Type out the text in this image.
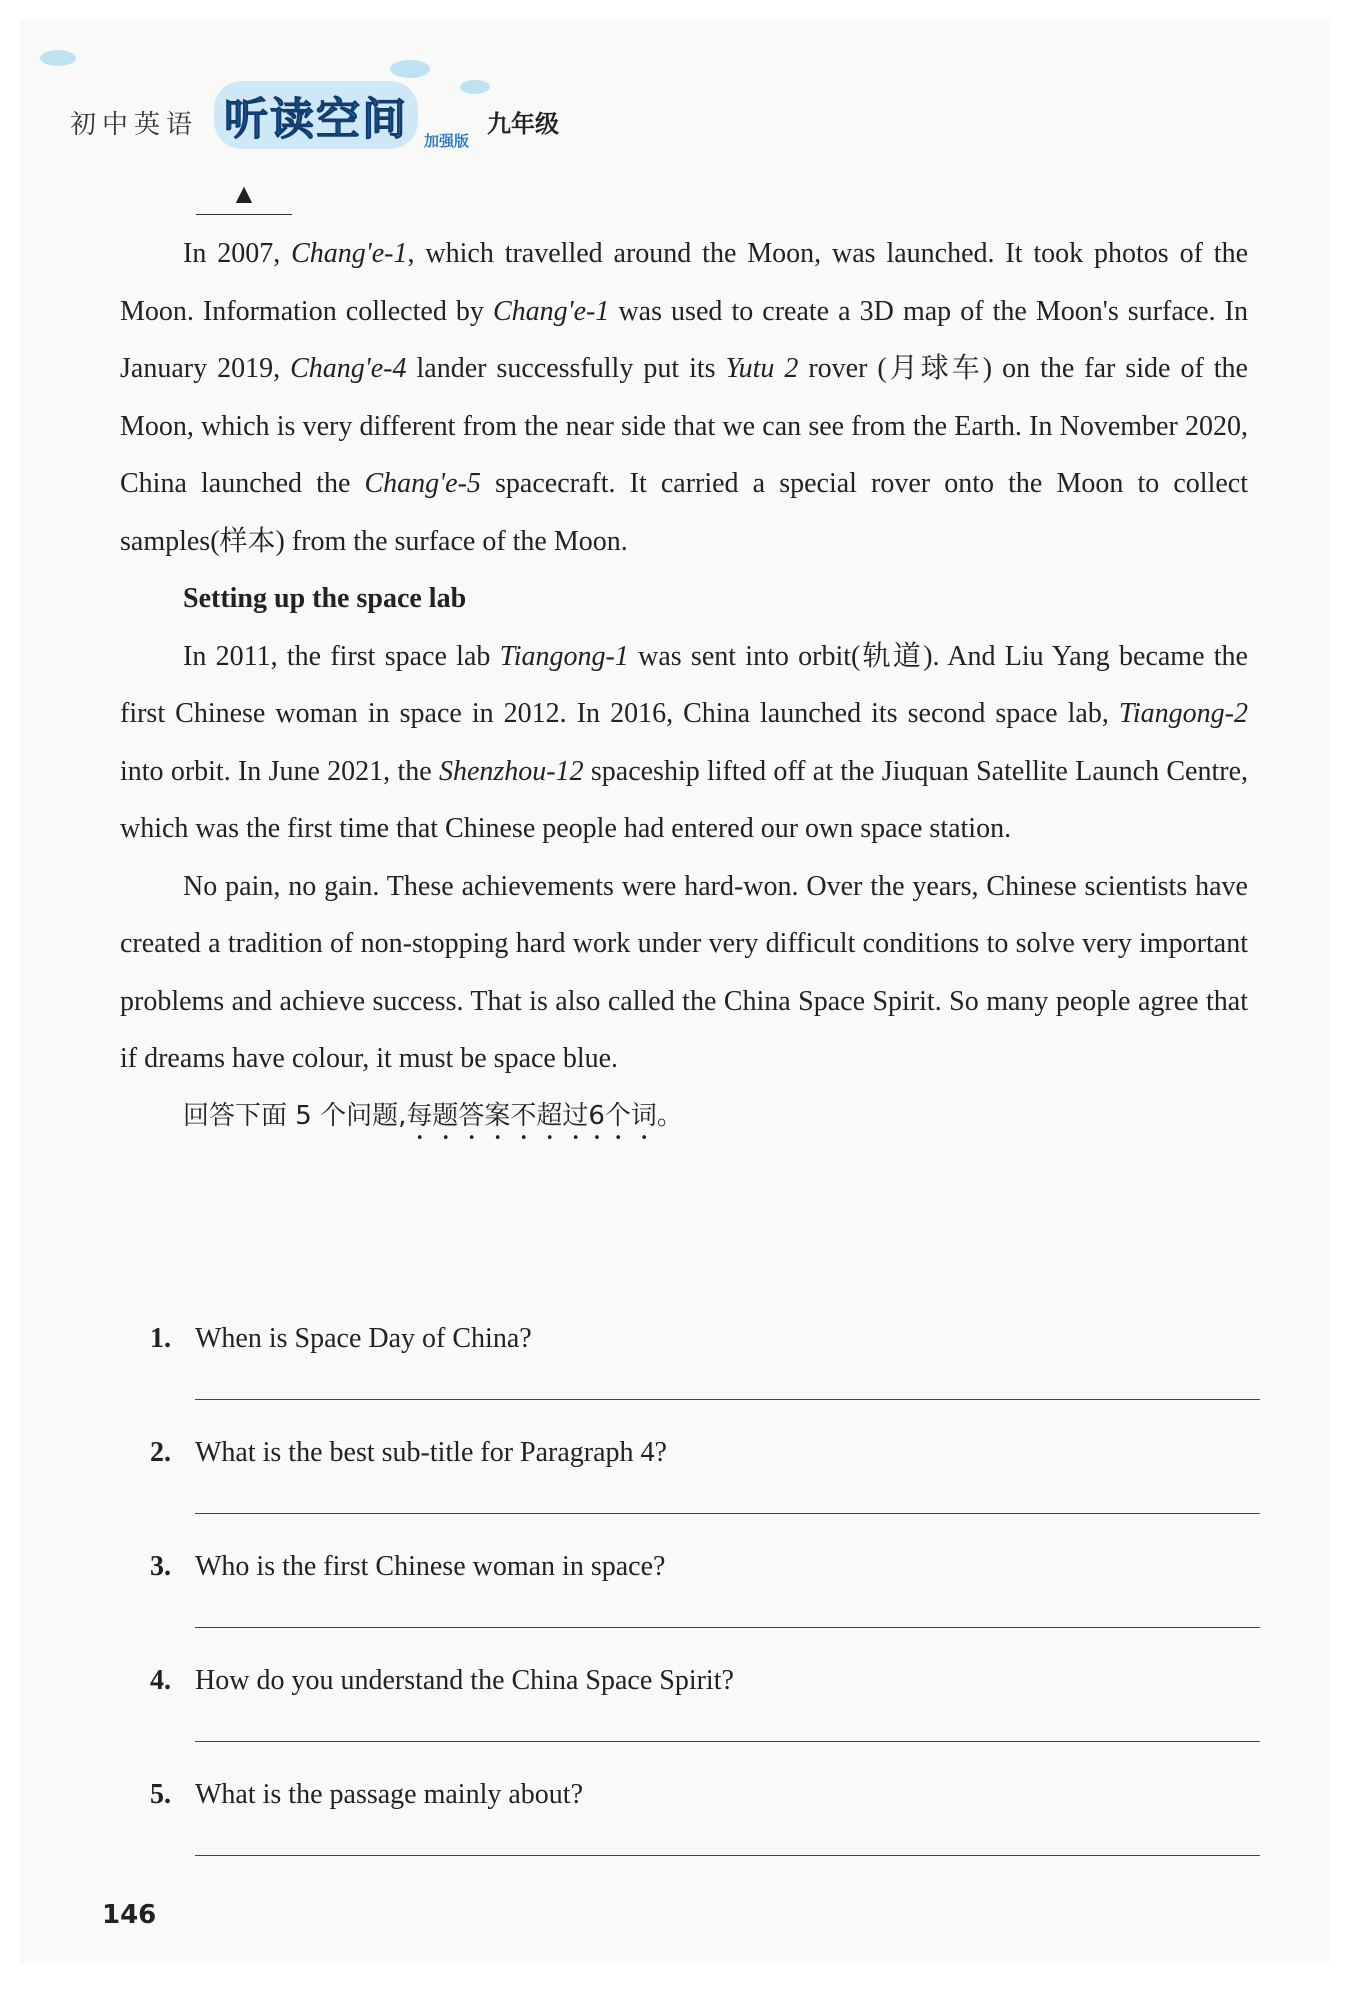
初中英语 听读空间	加强版
九年级
▲

In 2007, Chang'e-1, which travelled around the Moon, was launched. It took photos of the Moon. Information collected by Chang'e-1 was used to create a 3D map of the Moon's surface. In January 2019, Chang'e-4 lander successfully put its Yutu 2 rover (月球车) on the far side of the Moon, which is very different from the near side that we can see from the Earth. In November 2020, China launched the Chang'e-5 spacecraft. It carried a special rover onto the Moon to collect samples(样本) from the surface of the Moon.

Setting up the space lab

In 2011, the first space lab Tiangong-1 was sent into orbit(轨道). And Liu Yang became the first Chinese woman in space in 2012. In 2016, China launched its second space lab, Tiangong-2 into orbit. In June 2021, the Shenzhou-12 spaceship lifted off at the Jiuquan Satellite Launch Centre, which was the first time that Chinese people had entered our own space station.

No pain, no gain. These achievements were hard-won. Over the years, Chinese scientists have created a tradition of non-stopping hard work under very difficult conditions to solve very important problems and achieve success. That is also called the China Space Spirit. So many people agree that if dreams have colour, it must be space blue.

回答下面 5 个问题,每题答案不超过6个词。

1. When is Space Day of China?
2. What is the best sub-title for Paragraph 4?
3. Who is the first Chinese woman in space?
4. How do you understand the China Space Spirit?
5. What is the passage mainly about?
146
